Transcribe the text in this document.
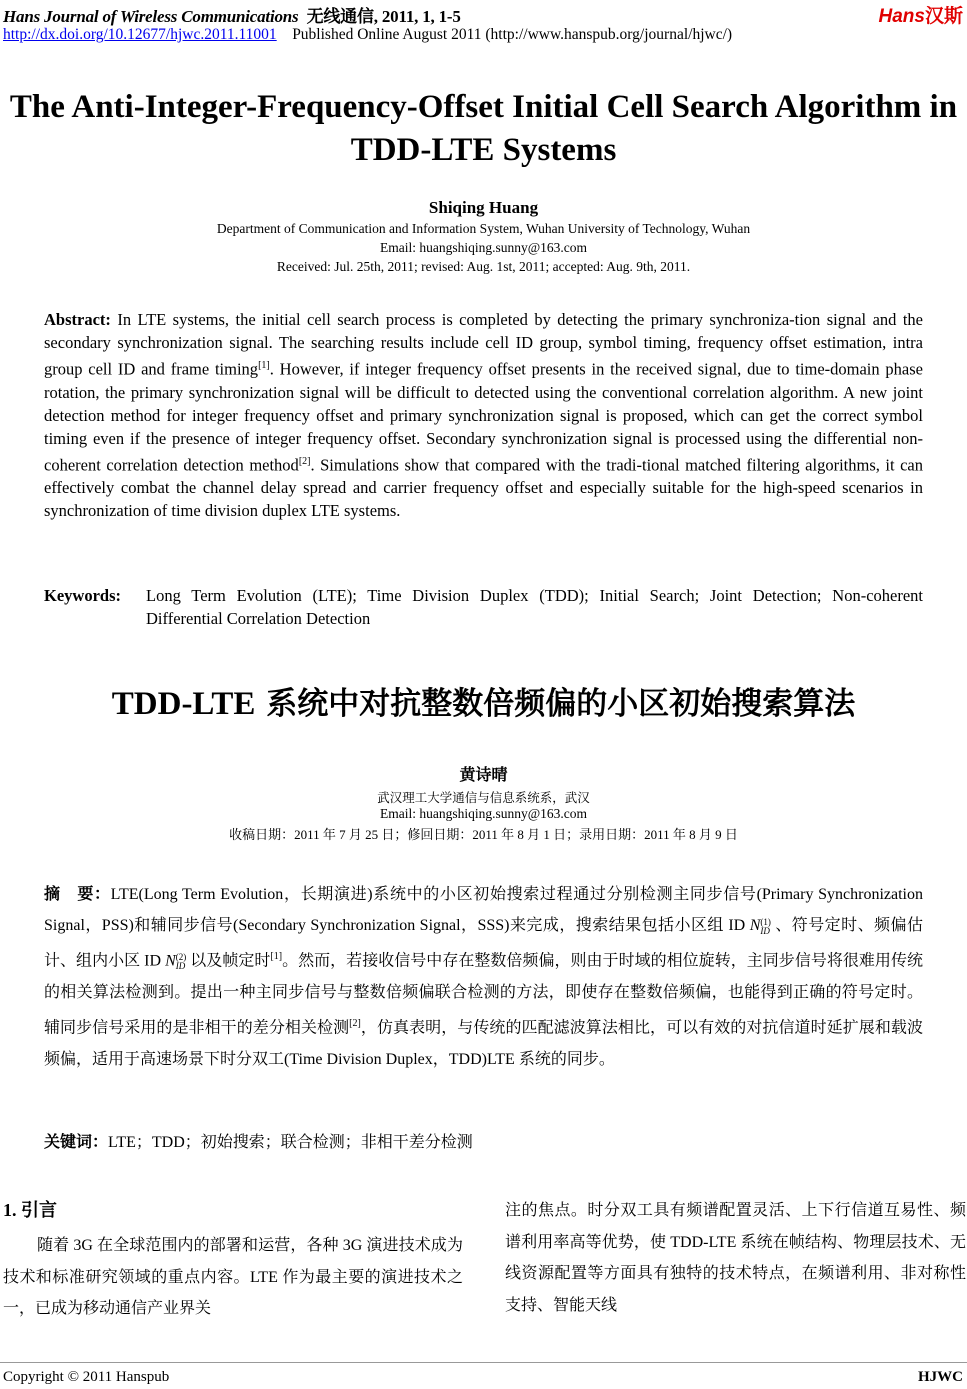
Hans Journal of Wireless Communications 无线通信, 2011, 1, 1-5	Hans汉斯
http://dx.doi.org/10.12677/hjwc.2011.11001 Published Online August 2011 (http://www.hanspub.org/journal/hjwc/)
The Anti-Integer-Frequency-Offset Initial Cell Search Algorithm in TDD-LTE Systems
Shiqing Huang
Department of Communication and Information System, Wuhan University of Technology, Wuhan
Email: huangshiqing.sunny@163.com
Received: Jul. 25th, 2011; revised: Aug. 1st, 2011; accepted: Aug. 9th, 2011.
Abstract: In LTE systems, the initial cell search process is completed by detecting the primary synchroniza-tion signal and the secondary synchronization signal. The searching results include cell ID group, symbol timing, frequency offset estimation, intra group cell ID and frame timing[1]. However, if integer frequency offset presents in the received signal, due to time-domain phase rotation, the primary synchronization signal will be difficult to detected using the conventional correlation algorithm. A new joint detection method for integer frequency offset and primary synchronization signal is proposed, which can get the correct symbol timing even if the presence of integer frequency offset. Secondary synchronization signal is processed using the differential non-coherent correlation detection method[2]. Simulations show that compared with the tradi-tional matched filtering algorithms, it can effectively combat the channel delay spread and carrier frequency offset and especially suitable for the high-speed scenarios in synchronization of time division duplex LTE systems.
Keywords: Long Term Evolution (LTE); Time Division Duplex (TDD); Initial Search; Joint Detection; Non-coherent Differential Correlation Detection
TDD-LTE 系统中对抗整数倍频偏的小区初始搜索算法
黄诗晴
武汉理工大学通信与信息系统系，武汉
Email: huangshiqing.sunny@163.com
收稿日期：2011 年 7 月 25 日；修回日期：2011 年 8 月 1 日；录用日期：2011 年 8 月 9 日
摘　要：LTE(Long Term Evolution，长期演进)系统中的小区初始搜索过程通过分别检测主同步信号(Primary Synchronization Signal，PSS)和辅同步信号(Secondary Synchronization Signal，SSS)来完成，搜索结果包括小区组 ID N(1)
ID 、符号定时、频偏估计、组内小区 ID N(2)
ID 以及帧定时[1]。然而，若接收信号中存在整数倍频偏，则由于时域的相位旋转，主同步信号将很难用传统的相关算法检测到。提出一种主同步信号与整数倍频偏联合检测的方法，即使存在整数倍频偏，也能得到正确的符号定时。辅同步信号采用的是非相干的差分相关检测[2]，仿真表明，与传统的匹配滤波算法相比，可以有效的对抗信道时延扩展和载波频偏，适用于高速场景下时分双工(Time Division Duplex，TDD)LTE 系统的同步。
关键词：LTE；TDD；初始搜索；联合检测；非相干差分检测
1. 引言
随着 3G 在全球范围内的部署和运营，各种 3G 演进技术成为技术和标准研究领域的重点内容。LTE 作为最主要的演进技术之一，已成为移动通信产业界关
注的焦点。时分双工具有频谱配置灵活、上下行信道互易性、频谱利用率高等优势，使 TDD-LTE 系统在帧结构、物理层技术、无线资源配置等方面具有独特的技术特点，在频谱利用、非对称性支持、智能天线
Copyright © 2011 Hanspub	HJWC
